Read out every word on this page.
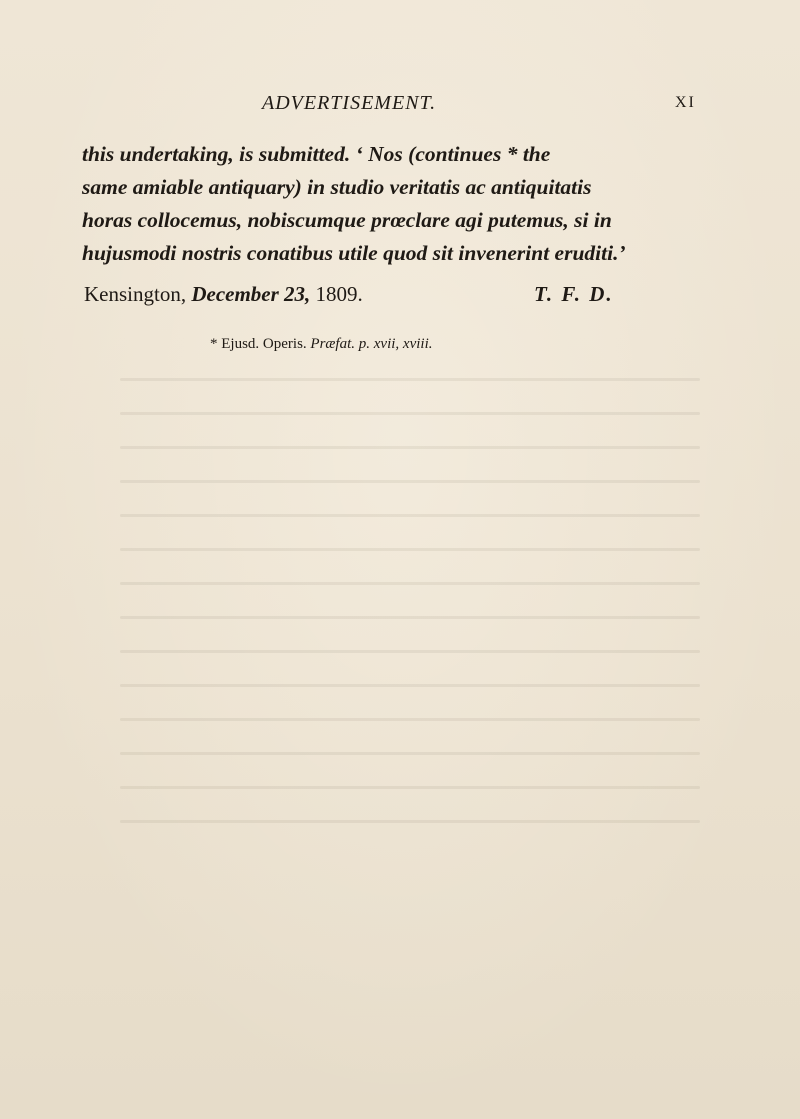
ADVERTISEMENT.	XI
this undertaking, is submitted. ‘ Nos (continues * the
same amiable antiquary) in studio veritatis ac antiquitatis
horas collocemus, nobiscumque prœclare agi putemus, si in
hujusmodi nostris conatibus utile quod sit invenerint eruditi.’
Kensington, December 23, 1809.	T. F. D.
* Ejusd. Operis. Præfat. p. xvii, xviii.
